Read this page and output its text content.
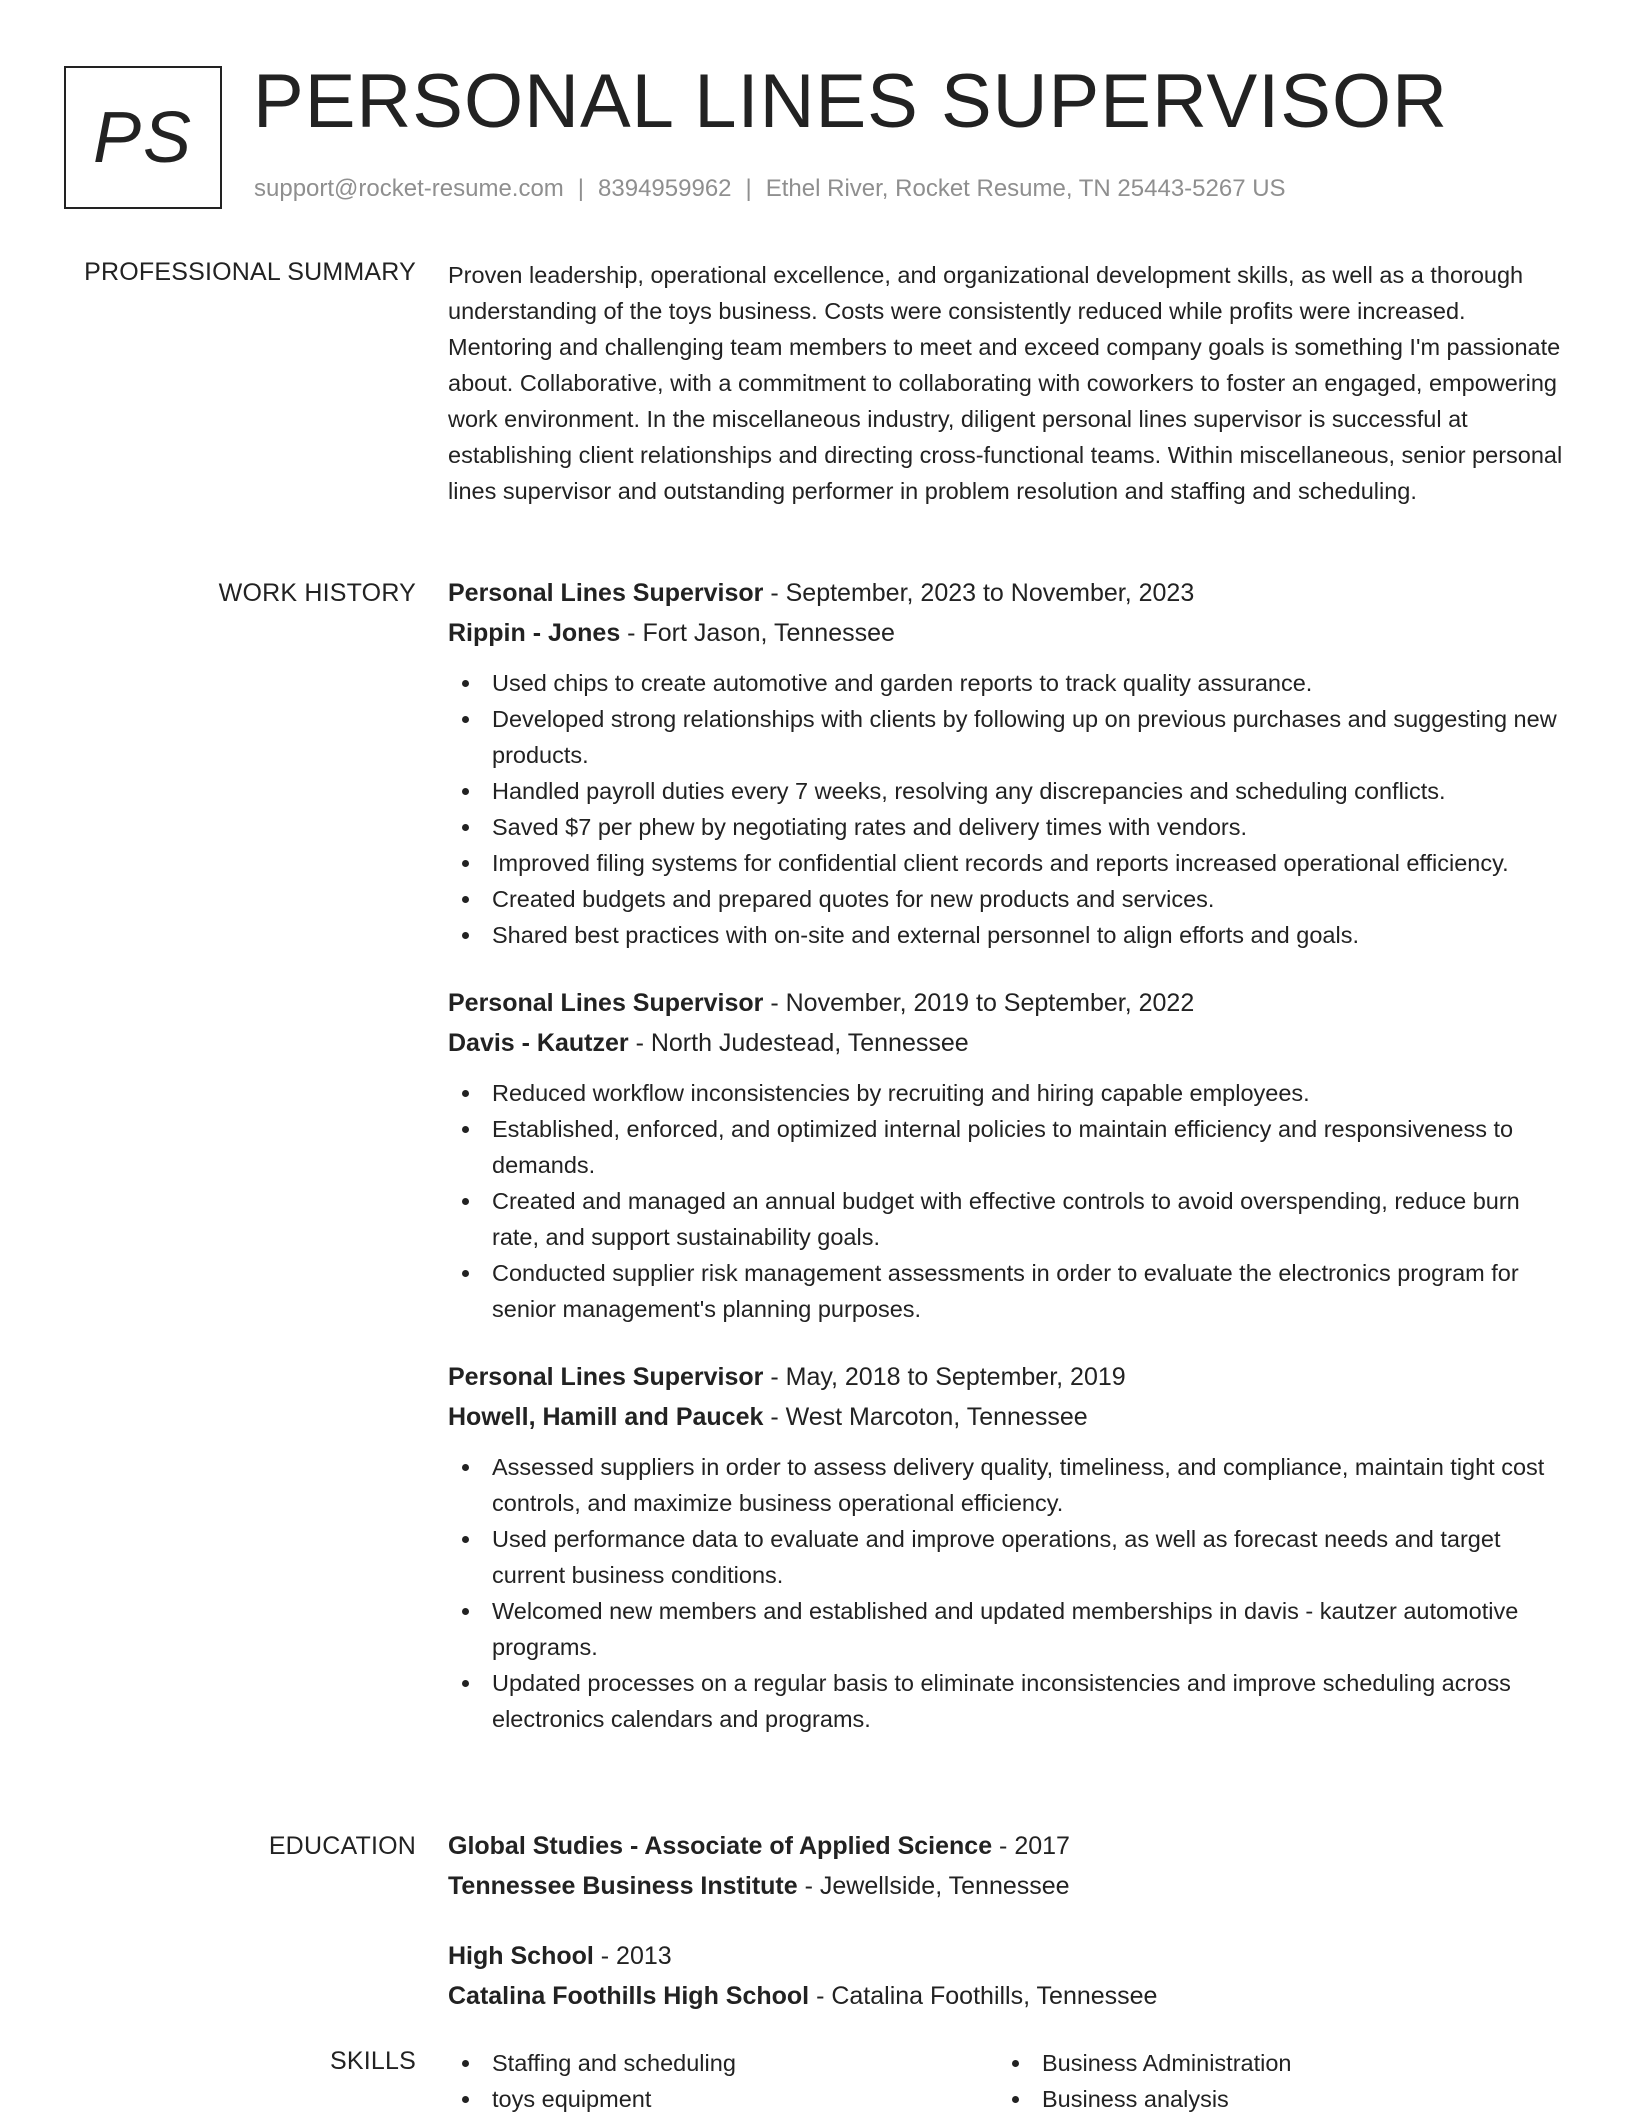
PS PERSONAL LINES SUPERVISOR
support@rocket-resume.com | 8394959962 | Ethel River, Rocket Resume, TN 25443-5267 US
PROFESSIONAL SUMMARY Proven leadership, operational excellence, and organizational development skills, as well as a thorough understanding of the toys business. Costs were consistently reduced while profits were increased. Mentoring and challenging team members to meet and exceed company goals is something I'm passionate about. Collaborative, with a commitment to collaborating with coworkers to foster an engaged, empowering work environment. In the miscellaneous industry, diligent personal lines supervisor is successful at establishing client relationships and directing cross-functional teams. Within miscellaneous, senior personal lines supervisor and outstanding performer in problem resolution and staffing and scheduling.

WORK HISTORY Personal Lines Supervisor - September, 2023 to November, 2023
Rippin - Jones - Fort Jason, Tennessee
Used chips to create automotive and garden reports to track quality assurance.
Developed strong relationships with clients by following up on previous purchases and suggesting new products.
Handled payroll duties every 7 weeks, resolving any discrepancies and scheduling conflicts.
Saved $7 per phew by negotiating rates and delivery times with vendors.
Improved filing systems for confidential client records and reports increased operational efficiency.
Created budgets and prepared quotes for new products and services.
Shared best practices with on-site and external personnel to align efforts and goals.
Personal Lines Supervisor - November, 2019 to September, 2022
Davis - Kautzer - North Judestead, Tennessee
Reduced workflow inconsistencies by recruiting and hiring capable employees.
Established, enforced, and optimized internal policies to maintain efficiency and responsiveness to demands.
Created and managed an annual budget with effective controls to avoid overspending, reduce burn rate, and support sustainability goals.
Conducted supplier risk management assessments in order to evaluate the electronics program for senior management's planning purposes.
Personal Lines Supervisor - May, 2018 to September, 2019
Howell, Hamill and Paucek - West Marcoton, Tennessee
Assessed suppliers in order to assess delivery quality, timeliness, and compliance, maintain tight cost controls, and maximize business operational efficiency.
Used performance data to evaluate and improve operations, as well as forecast needs and target current business conditions.
Welcomed new members and established and updated memberships in davis - kautzer automotive programs.
Updated processes on a regular basis to eliminate inconsistencies and improve scheduling across electronics calendars and programs.
EDUCATION Global Studies - Associate of Applied Science - 2017
Tennessee Business Institute - Jewellside, Tennessee
High School - 2013
Catalina Foothills High School - Catalina Foothills, Tennessee
SKILLS	Staffing and scheduling
toys equipment
Business Administration
Business analysis
